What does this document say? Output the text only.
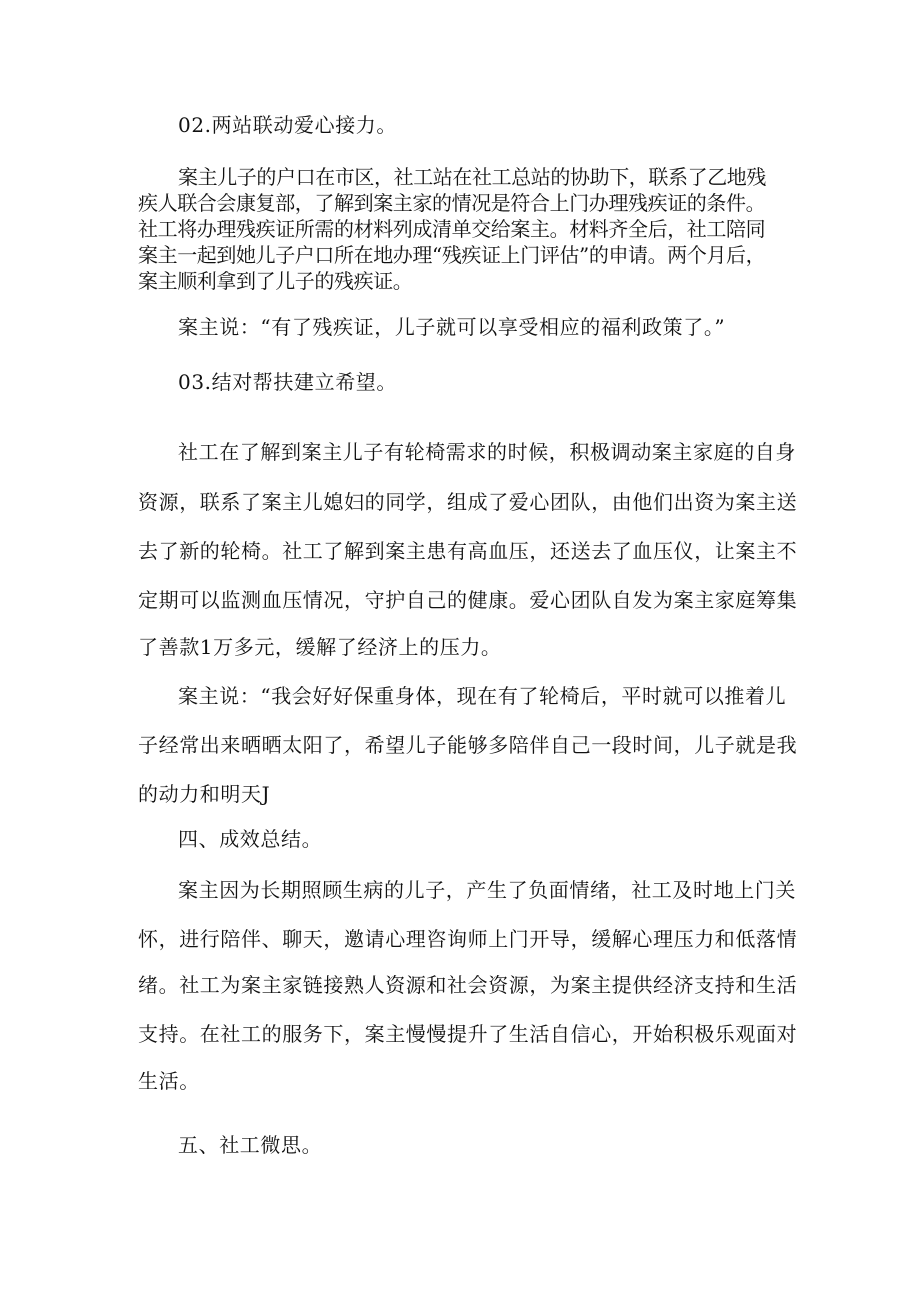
02.两站联动爱心接力。
案主儿子的户口在市区，社工站在社工总站的协助下，联系了乙地残
疾人联合会康复部，了解到案主家的情况是符合上门办理残疾证的条件。
社工将办理残疾证所需的材料列成清单交给案主。材料齐全后，社工陪同
案主一起到她儿子户口所在地办理“残疾证上门评估”的申请。两个月后，
案主顺利拿到了儿子的残疾证。
案主说：“有了残疾证，儿子就可以享受相应的福利政策了。”
03.结对帮扶建立希望。
社工在了解到案主儿子有轮椅需求的时候，积极调动案主家庭的自身
资源，联系了案主儿媳妇的同学，组成了爱心团队，由他们出资为案主送
去了新的轮椅。社工了解到案主患有高血压，还送去了血压仪，让案主不
定期可以监测血压情况，守护自己的健康。爱心团队自发为案主家庭筹集
了善款1万多元，缓解了经济上的压力。
案主说：“我会好好保重身体，现在有了轮椅后，平时就可以推着儿
子经常出来晒晒太阳了，希望儿子能够多陪伴自己一段时间，儿子就是我
的动力和明天J
四、成效总结。
案主因为长期照顾生病的儿子，产生了负面情绪，社工及时地上门关
怀，进行陪伴、聊天，邀请心理咨询师上门开导，缓解心理压力和低落情
绪。社工为案主家链接熟人资源和社会资源，为案主提供经济支持和生活
支持。在社工的服务下，案主慢慢提升了生活自信心，开始积极乐观面对
生活。
五、社工微思。
